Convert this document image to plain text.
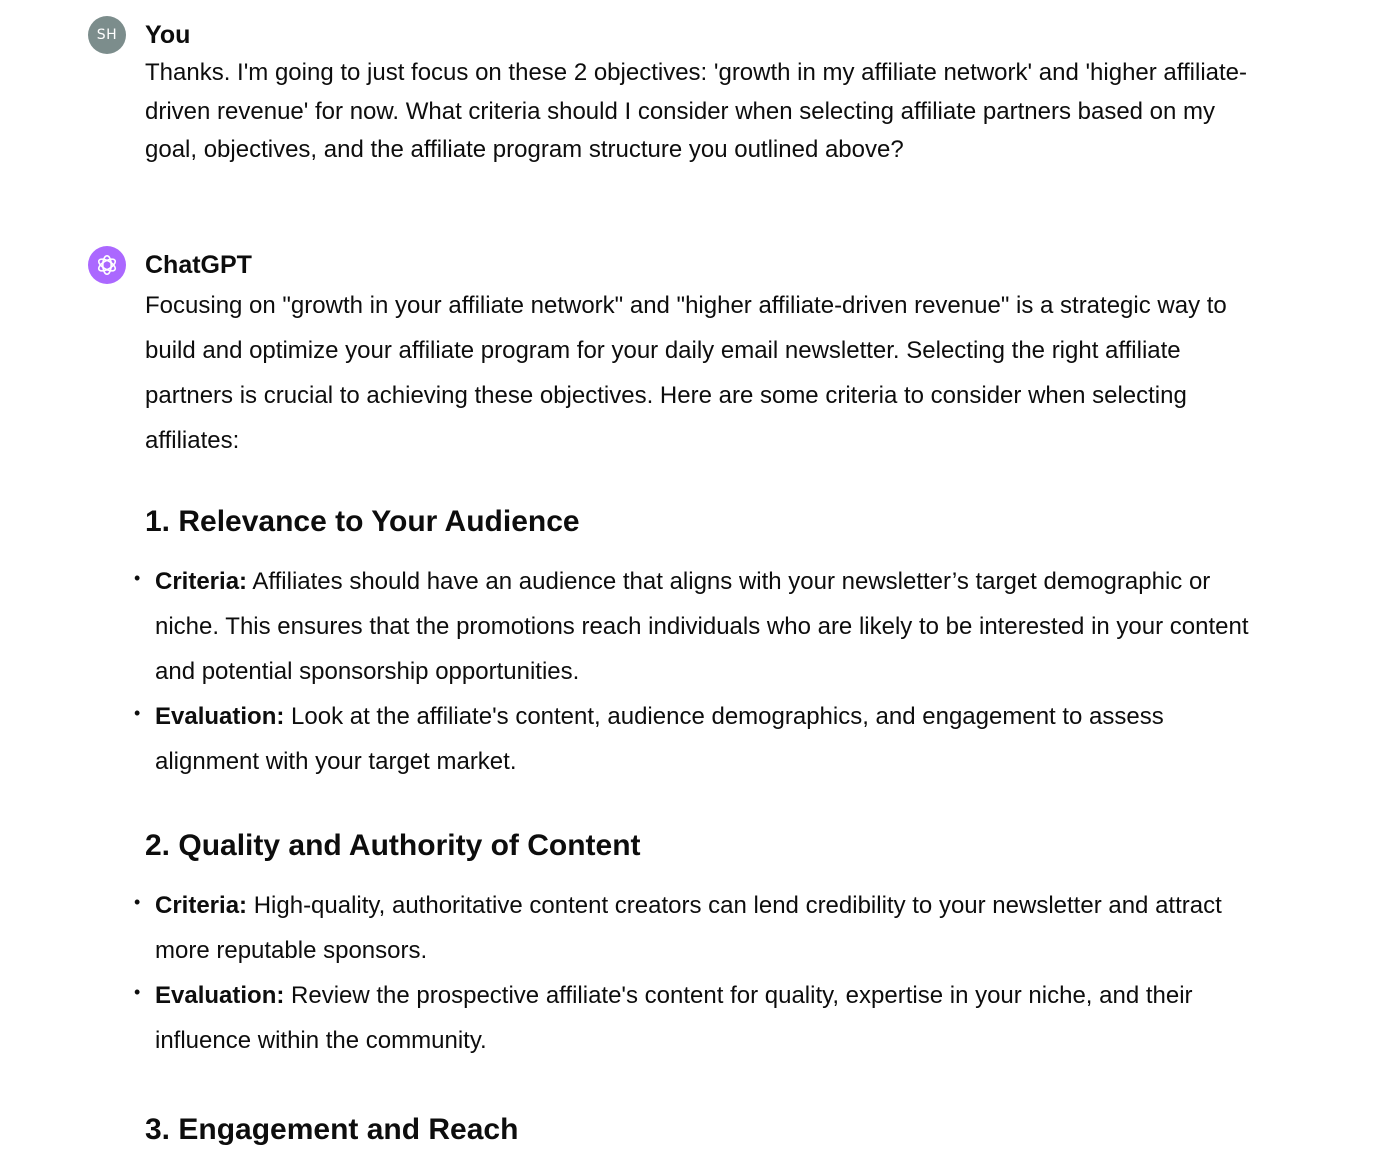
SH	You

Thanks. I'm going to just focus on these 2 objectives: 'growth in my affiliate network' and 'higher affiliate-driven revenue' for now. What criteria should I consider when selecting affiliate partners based on my goal, objectives, and the affiliate program structure you outlined above?

ChatGPT

Focusing on "growth in your affiliate network" and "higher affiliate-driven revenue" is a strategic way to build and optimize your affiliate program for your daily email newsletter. Selecting the right affiliate partners is crucial to achieving these objectives. Here are some criteria to consider when selecting affiliates:

1. Relevance to Your Audience
• Criteria: Affiliates should have an audience that aligns with your newsletter’s target demographic or niche. This ensures that the promotions reach individuals who are likely to be interested in your content and potential sponsorship opportunities.
• Evaluation: Look at the affiliate's content, audience demographics, and engagement to assess alignment with your target market.
2. Quality and Authority of Content
• Criteria: High-quality, authoritative content creators can lend credibility to your newsletter and attract more reputable sponsors.
• Evaluation: Review the prospective affiliate's content for quality, expertise in your niche, and their influence within the community.
3. Engagement and Reach
